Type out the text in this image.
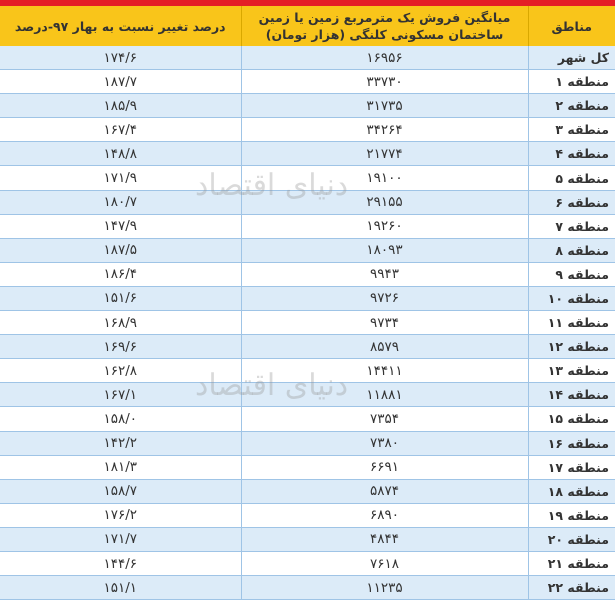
مناطق	میانگین فروش یک مترمربع زمین یا زمین ساختمان مسکونی کلنگی (هزار تومان)	درصد تغییر نسبت به بهار ۹۷-درصد
کل شهر	۱۶۹۵۶	۱۷۴/۶
منطقه ۱	۳۳۷۳۰	۱۸۷/۷
منطقه ۲	۳۱۷۳۵	۱۸۵/۹
منطقه ۳	۳۴۲۶۴	۱۶۷/۴
منطقه ۴	۲۱۷۷۴	۱۴۸/۸
منطقه ۵	۱۹۱۰۰	۱۷۱/۹
منطقه ۶	۲۹۱۵۵	۱۸۰/۷
منطقه ۷	۱۹۲۶۰	۱۴۷/۹
منطقه ۸	۱۸۰۹۳	۱۸۷/۵
منطقه ۹	۹۹۴۳	۱۸۶/۴
منطقه ۱۰	۹۷۲۶	۱۵۱/۶
منطقه ۱۱	۹۷۳۴	۱۶۸/۹
منطقه ۱۲	۸۵۷۹	۱۶۹/۶
منطقه ۱۳	۱۴۴۱۱	۱۶۲/۸
منطقه ۱۴	۱۱۸۸۱	۱۶۷/۱
منطقه ۱۵	۷۳۵۴	۱۵۸/۰
منطقه ۱۶	۷۳۸۰	۱۴۲/۲
منطقه ۱۷	۶۶۹۱	۱۸۱/۳
منطقه ۱۸	۵۸۷۴	۱۵۸/۷
منطقه ۱۹	۶۸۹۰	۱۷۶/۲
منطقه ۲۰	۴۸۴۴	۱۷۱/۷
منطقه ۲۱	۷۶۱۸	۱۴۴/۶
منطقه ۲۲	۱۱۲۳۵	۱۵۱/۱
دنیای اقتصاد
دنیای اقتصاد
